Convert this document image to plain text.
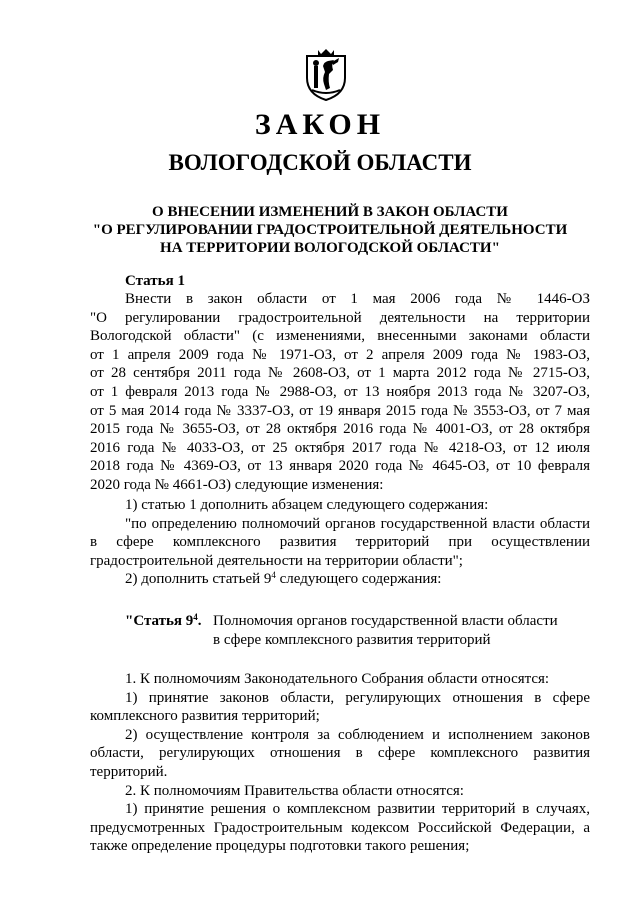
ЗАКОН
ВОЛОГОДСКОЙ ОБЛАСТИ
О ВНЕСЕНИИ ИЗМЕНЕНИЙ В ЗАКОН ОБЛАСТИ
"О РЕГУЛИРОВАНИИ ГРАДОСТРОИТЕЛЬНОЙ ДЕЯТЕЛЬНОСТИ
НА ТЕРРИТОРИИ ВОЛОГОДСКОЙ ОБЛАСТИ"
Статья 1
Внести в закон области от 1 мая 2006 года № 1446-ОЗ
"О регулировании градостроительной деятельности на территории
Вологодской области" (с изменениями, внесенными законами области
от 1 апреля 2009 года № 1971-ОЗ, от 2 апреля 2009 года № 1983-ОЗ,
от 28 сентября 2011 года № 2608-ОЗ, от 1 марта 2012 года № 2715-ОЗ,
от 1 февраля 2013 года № 2988-ОЗ, от 13 ноября 2013 года № 3207-ОЗ,
от 5 мая 2014 года № 3337-ОЗ, от 19 января 2015 года № 3553-ОЗ, от 7 мая
2015 года № 3655-ОЗ, от 28 октября 2016 года № 4001-ОЗ, от 28 октября
2016 года № 4033-ОЗ, от 25 октября 2017 года № 4218-ОЗ, от 12 июля
2018 года № 4369-ОЗ, от 13 января 2020 года № 4645-ОЗ, от 10 февраля
2020 года № 4661-ОЗ) следующие изменения:
1) статью 1 дополнить абзацем следующего содержания:
"по определению полномочий органов государственной власти области
в сфере комплексного развития территорий при осуществлении
градостроительной деятельности на территории области";
2) дополнить статьей $9^4$ следующего содержания:
"Статья $9^4$. Полномочия органов государственной власти области
в сфере комплексного развития территорий
1. К полномочиям Законодательного Собрания области относятся:
1) принятие законов области, регулирующих отношения в сфере
комплексного развития территорий;
2) осуществление контроля за соблюдением и исполнением законов
области, регулирующих отношения в сфере комплексного развития
территорий.
2. К полномочиям Правительства области относятся:
1) принятие решения о комплексном развитии территорий в случаях,
предусмотренных Градостроительным кодексом Российской Федерации, а
также определение процедуры подготовки такого решения;
